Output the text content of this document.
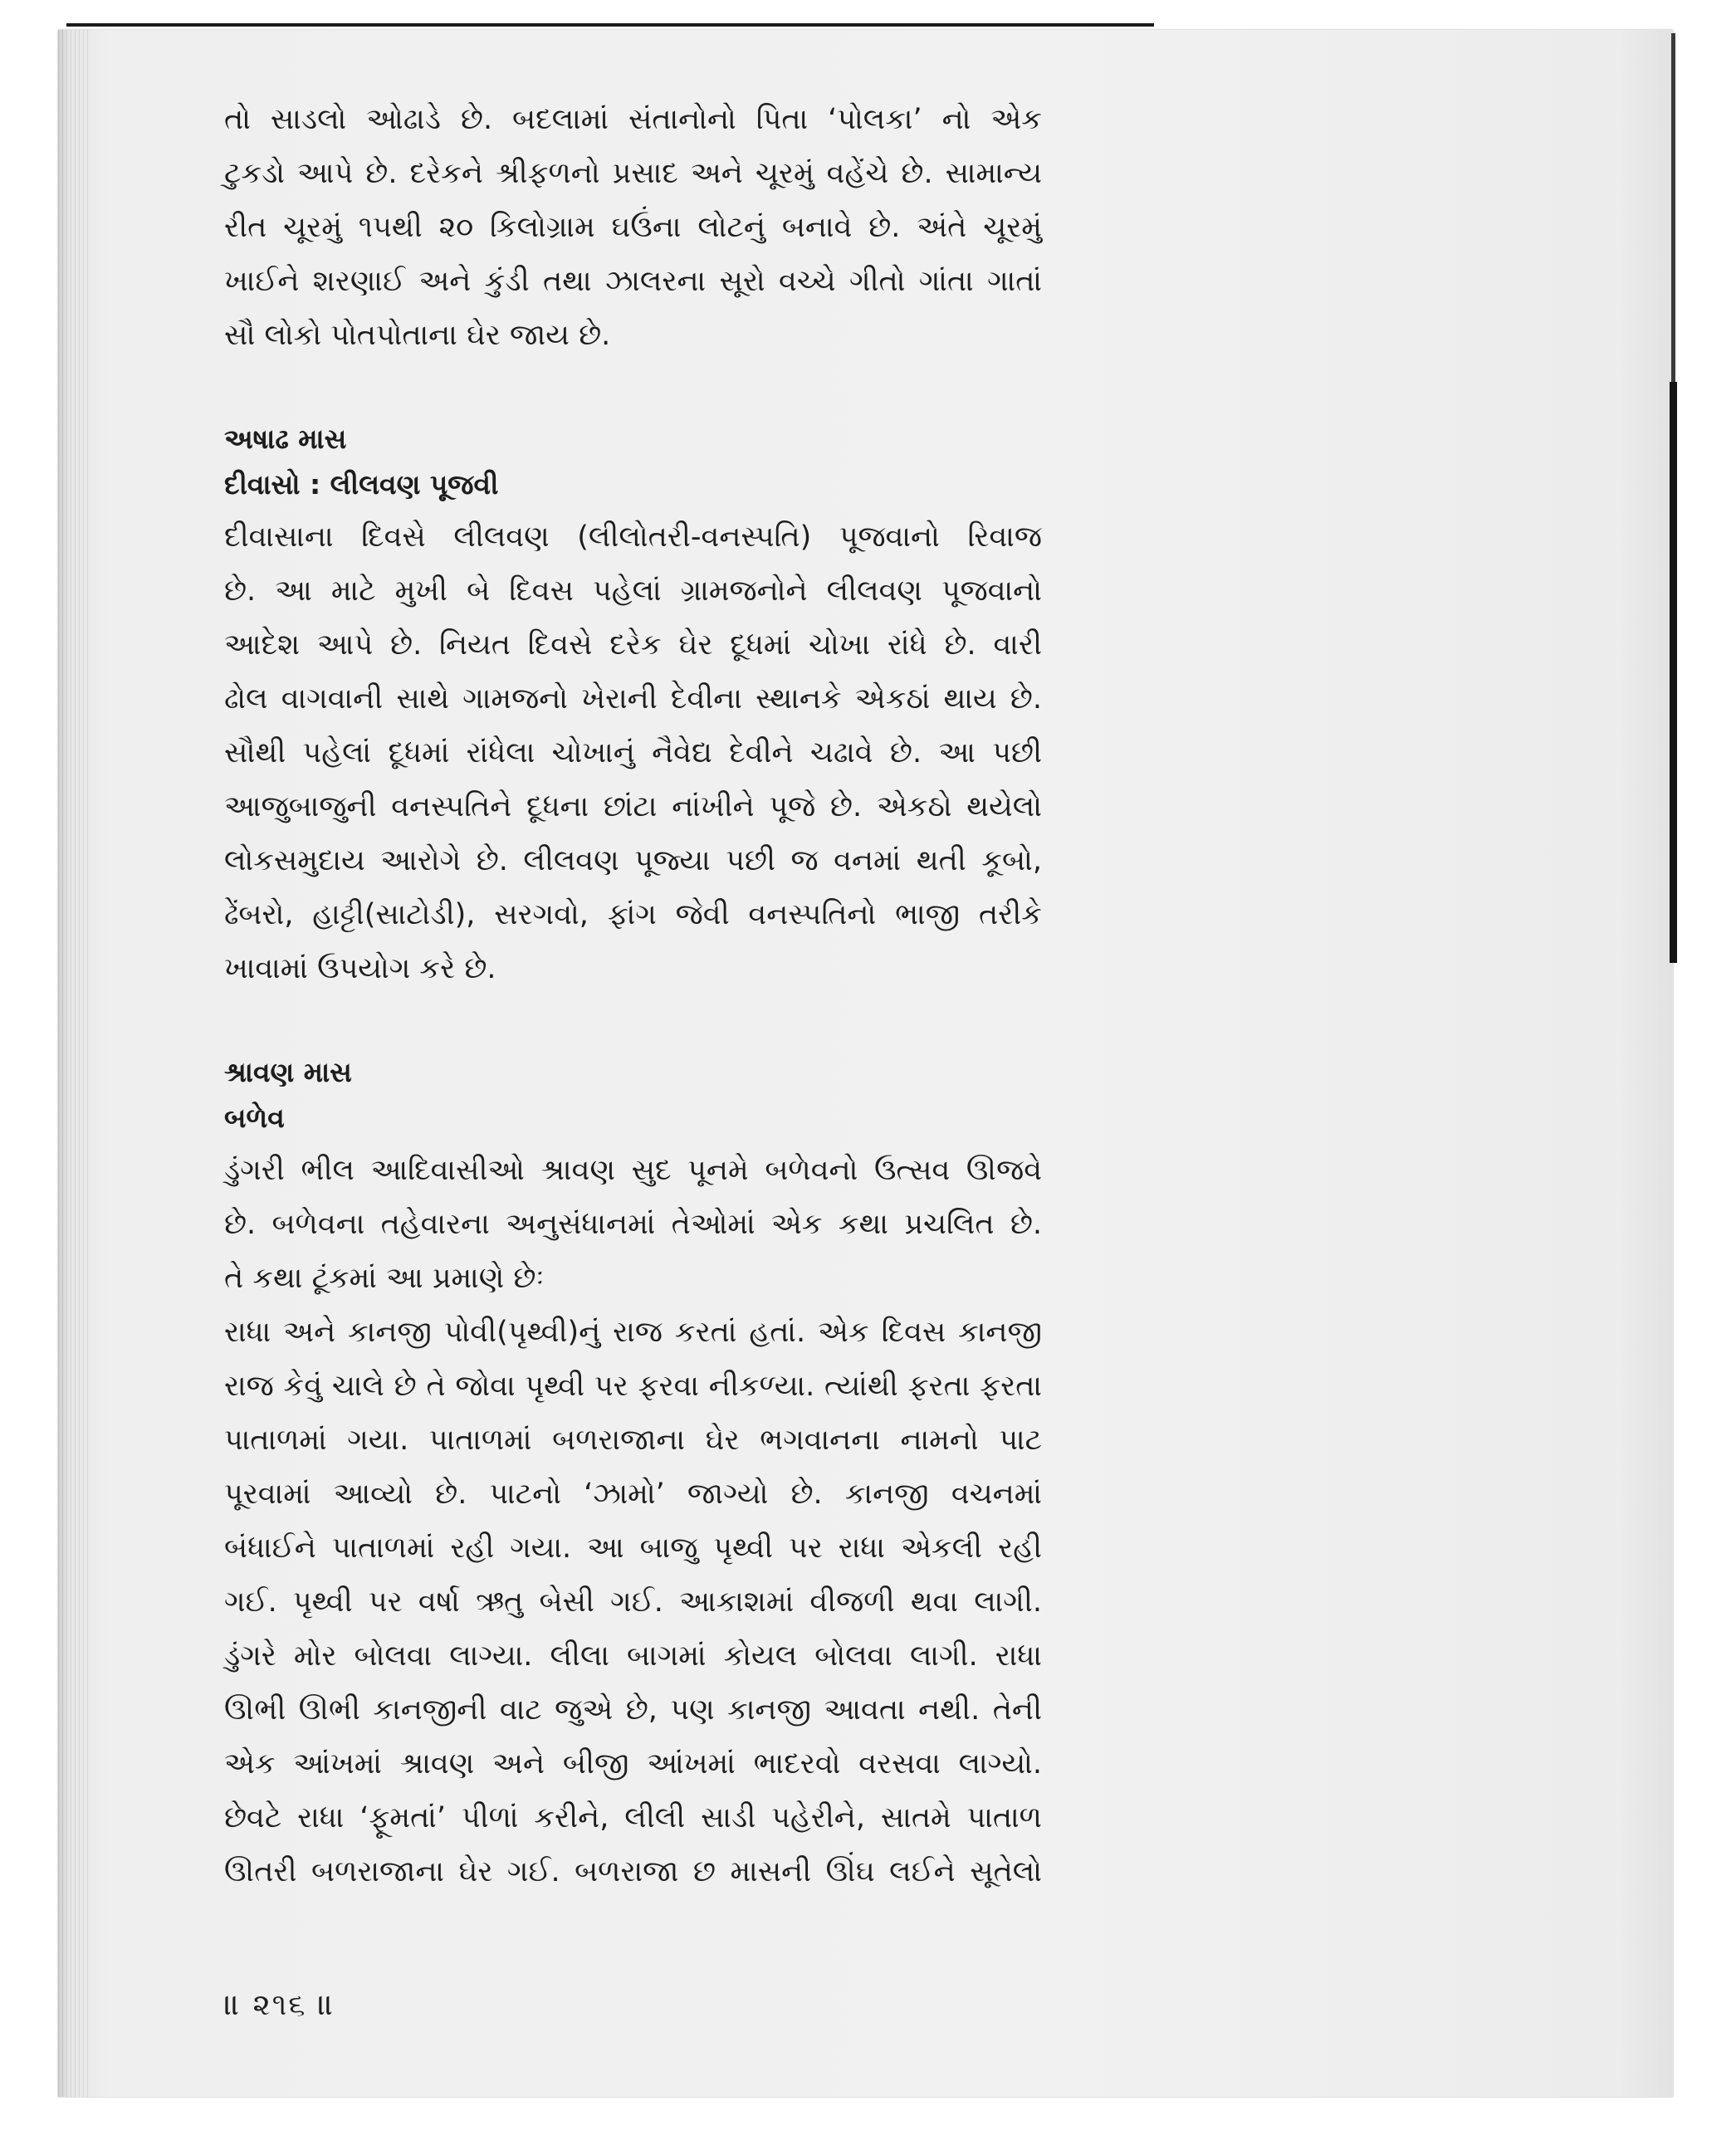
તો સાડલો ઓઢાડે છે. બદલામાં સંતાનોનો પિતા ‘પોલકા’ નો એક
ટુકડો આપે છે. દરેકને શ્રીફળનો પ્રસાદ અને ચૂરમું વહેંચે છે. સામાન્ય
રીત ચૂરમું ૧૫થી ૨૦ કિલોગ્રામ ઘઉંના લોટનું બનાવે છે. અંતે ચૂરમું
ખાઈને શરણાઈ અને કુંડી તથા ઝાલરના સૂરો વચ્ચે ગીતો ગાંતા ગાતાં
સૌ લોકો પોતપોતાના ઘેર જાય છે.

અષાઢ માસ

દીવાસો : લીલવણ પૂજવી

દીવાસાના દિવસે લીલવણ (લીલોતરી-વનસ્પતિ) પૂજવાનો રિવાજ
છે. આ માટે મુખી બે દિવસ પહેલાં ગ્રામજનોને લીલવણ પૂજવાનો
આદેશ આપે છે. નિયત દિવસે દરેક ઘેર દૂધમાં ચોખા રાંધે છે. વારી
ઢોલ વાગવાની સાથે ગામજનો ખેરાની દેવીના સ્થાનકે એકઠાં થાય છે.
સૌથી પહેલાં દૂધમાં રાંધેલા ચોખાનું નૈવેદ્ય દેવીને ચઢાવે છે. આ પછી
આજુબાજુની વનસ્પતિને દૂધના છાંટા નાંખીને પૂજે છે. એકઠો થયેલો
લોકસમુદાય આરોગે છે. લીલવણ પૂજ્યા પછી જ વનમાં થતી કૂબો,
ઢેંબરો, હાટ્ટી(સાટોડી), સરગવો, ફાંગ જેવી વનસ્પતિનો ભાજી તરીકે
ખાવામાં ઉપયોગ કરે છે.

શ્રાવણ માસ

બળેવ

ડુંગરી ભીલ આદિવાસીઓ શ્રાવણ સુદ પૂનમે બળેવનો ઉત્સવ ઊજવે
છે. બળેવના તહેવારના અનુસંધાનમાં તેઓમાં એક કથા પ્રચલિત છે.
તે કથા ટૂંકમાં આ પ્રમાણે છેઃ

રાધા અને કાનજી પોવી(પૃથ્વી)નું રાજ કરતાં હતાં. એક દિવસ કાનજી
રાજ કેવું ચાલે છે તે જોવા પૃથ્વી પર ફરવા નીકળ્યા. ત્યાંથી ફરતા ફરતા
પાતાળમાં ગયા. પાતાળમાં બળરાજાના ઘેર ભગવાનના નામનો પાટ
પૂરવામાં આવ્યો છે. પાટનો ‘ઝામો’ જાગ્યો છે. કાનજી વચનમાં
બંધાઈને પાતાળમાં રહી ગયા. આ બાજુ પૃથ્વી પર રાધા એકલી રહી
ગઈ. પૃથ્વી પર વર્ષા ઋતુ બેસી ગઈ. આકાશમાં વીજળી થવા લાગી.
ડુંગરે મોર બોલવા લાગ્યા. લીલા બાગમાં કોયલ બોલવા લાગી. રાધા
ઊભી ઊભી કાનજીની વાટ જુએ છે, પણ કાનજી આવતા નથી. તેની
એક આંખમાં શ્રાવણ અને બીજી આંખમાં ભાદરવો વરસવા લાગ્યો.
છેવટે રાધા ‘ફૂમતાં’ પીળાં કરીને, લીલી સાડી પહેરીને, સાતમે પાતાળ
ઊતરી બળરાજાના ઘેર ગઈ. બળરાજા છ માસની ઊંઘ લઈને સૂતેલો

॥ ૨૧૬ ॥
